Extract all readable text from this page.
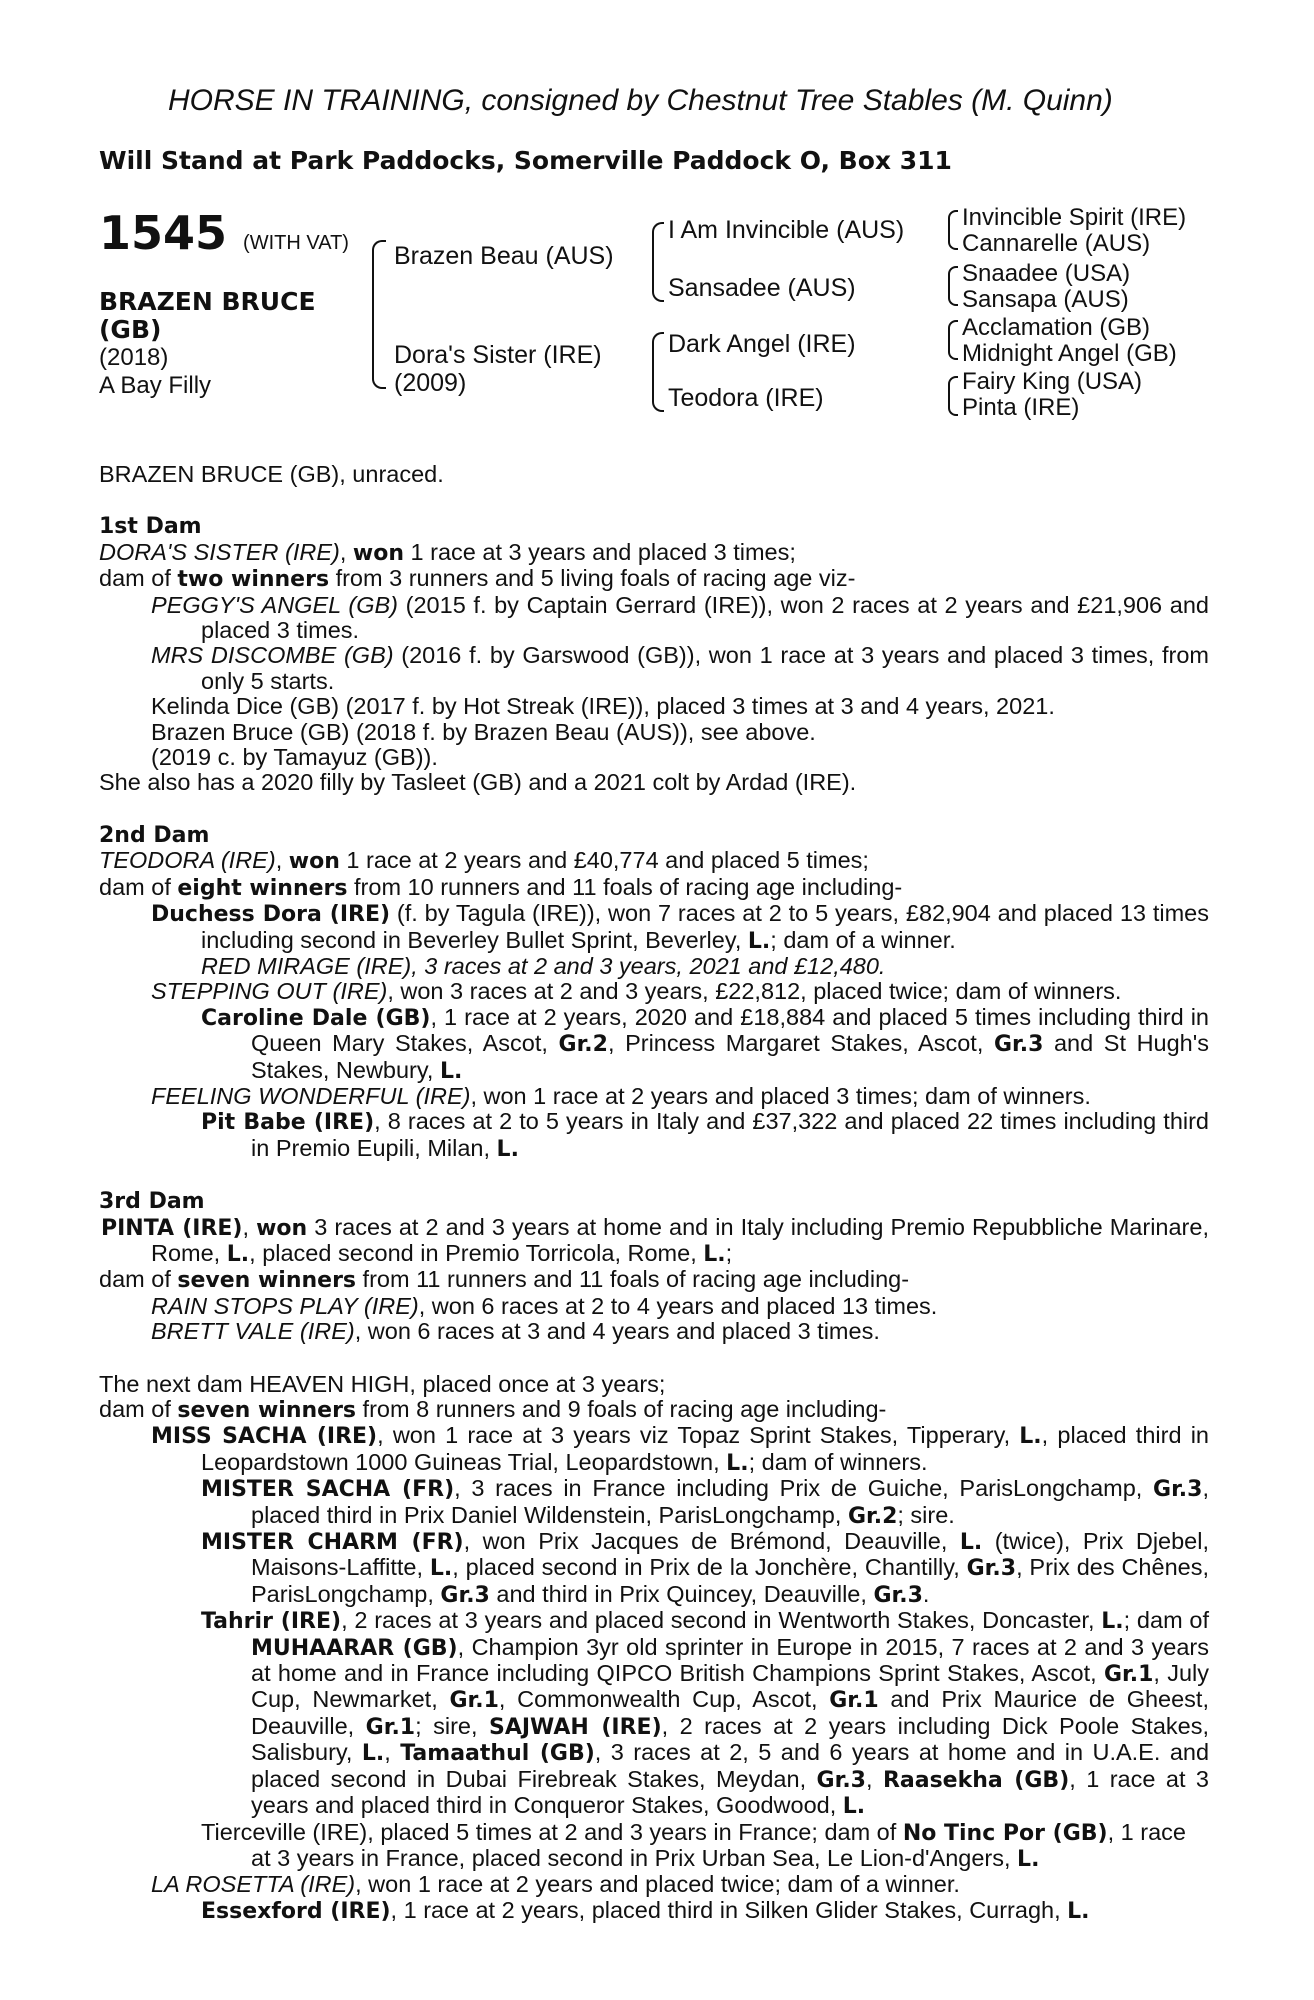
HORSE IN TRAINING, consigned by Chestnut Tree Stables (M. Quinn)
Will Stand at Park Paddocks, Somerville Paddock O, Box 311
1545 (WITH VAT)
BRAZEN BRUCE
(GB)
(2018)
A Bay Filly
Brazen Beau (AUS)
Dora's Sister (IRE)
(2009)
I Am Invincible (AUS)
Sansadee (AUS)
Dark Angel (IRE)
Teodora (IRE)
Invincible Spirit (IRE)
Cannarelle (AUS)
Snaadee (USA)
Sansapa (AUS)
Acclamation (GB)
Midnight Angel (GB)
Fairy King (USA)
Pinta (IRE)

BRAZEN BRUCE (GB), unraced.

1st Dam

DORA'S SISTER (IRE), won 1 race at 3 years and placed 3 times;

dam of two winners from 3 runners and 5 living foals of racing age viz-

PEGGY'S ANGEL (GB) (2015 f. by Captain Gerrard (IRE)), won 2 races at 2 years and £21,906 and placed 3 times.

MRS DISCOMBE (GB) (2016 f. by Garswood (GB)), won 1 race at 3 years and placed 3 times, from only 5 starts.

Kelinda Dice (GB) (2017 f. by Hot Streak (IRE)), placed 3 times at 3 and 4 years, 2021.

Brazen Bruce (GB) (2018 f. by Brazen Beau (AUS)), see above.

(2019 c. by Tamayuz (GB)).

She also has a 2020 filly by Tasleet (GB) and a 2021 colt by Ardad (IRE).

2nd Dam

TEODORA (IRE), won 1 race at 2 years and £40,774 and placed 5 times;

dam of eight winners from 10 runners and 11 foals of racing age including-

Duchess Dora (IRE) (f. by Tagula (IRE)), won 7 races at 2 to 5 years, £82,904 and placed 13 times including second in Beverley Bullet Sprint, Beverley, L.; dam of a winner.

RED MIRAGE (IRE), 3 races at 2 and 3 years, 2021 and £12,480.

STEPPING OUT (IRE), won 3 races at 2 and 3 years, £22,812, placed twice; dam of winners.

Caroline Dale (GB), 1 race at 2 years, 2020 and £18,884 and placed 5 times including third in Queen Mary Stakes, Ascot, Gr.2, Princess Margaret Stakes, Ascot, Gr.3 and St Hugh's Stakes, Newbury, L.

FEELING WONDERFUL (IRE), won 1 race at 2 years and placed 3 times; dam of winners.

Pit Babe (IRE), 8 races at 2 to 5 years in Italy and £37,322 and placed 22 times including third in Premio Eupili, Milan, L.

3rd Dam

PINTA (IRE), won 3 races at 2 and 3 years at home and in Italy including Premio Repubbliche Marinare, Rome, L., placed second in Premio Torricola, Rome, L.;

dam of seven winners from 11 runners and 11 foals of racing age including-

RAIN STOPS PLAY (IRE), won 6 races at 2 to 4 years and placed 13 times.

BRETT VALE (IRE), won 6 races at 3 and 4 years and placed 3 times.

The next dam HEAVEN HIGH, placed once at 3 years;

dam of seven winners from 8 runners and 9 foals of racing age including-

MISS SACHA (IRE), won 1 race at 3 years viz Topaz Sprint Stakes, Tipperary, L., placed third in Leopardstown 1000 Guineas Trial, Leopardstown, L.; dam of winners.

MISTER SACHA (FR), 3 races in France including Prix de Guiche, ParisLongchamp, Gr.3, placed third in Prix Daniel Wildenstein, ParisLongchamp, Gr.2; sire.

MISTER CHARM (FR), won Prix Jacques de Brémond, Deauville, L. (twice), Prix Djebel, Maisons-Laffitte, L., placed second in Prix de la Jonchère, Chantilly, Gr.3, Prix des Chênes, ParisLongchamp, Gr.3 and third in Prix Quincey, Deauville, Gr.3.

Tahrir (IRE), 2 races at 3 years and placed second in Wentworth Stakes, Doncaster, L.; dam of MUHAARAR (GB), Champion 3yr old sprinter in Europe in 2015, 7 races at 2 and 3 years at home and in France including QIPCO British Champions Sprint Stakes, Ascot, Gr.1, July Cup, Newmarket, Gr.1, Commonwealth Cup, Ascot, Gr.1 and Prix Maurice de Gheest, Deauville, Gr.1; sire, SAJWAH (IRE), 2 races at 2 years including Dick Poole Stakes, Salisbury, L., Tamaathul (GB), 3 races at 2, 5 and 6 years at home and in U.A.E. and placed second in Dubai Firebreak Stakes, Meydan, Gr.3, Raasekha (GB), 1 race at 3 years and placed third in Conqueror Stakes, Goodwood, L.

Tierceville (IRE), placed 5 times at 2 and 3 years in France; dam of No Tinc Por (GB), 1 race at 3 years in France, placed second in Prix Urban Sea, Le Lion-d'Angers, L.

LA ROSETTA (IRE), won 1 race at 2 years and placed twice; dam of a winner.

Essexford (IRE), 1 race at 2 years, placed third in Silken Glider Stakes, Curragh, L.
